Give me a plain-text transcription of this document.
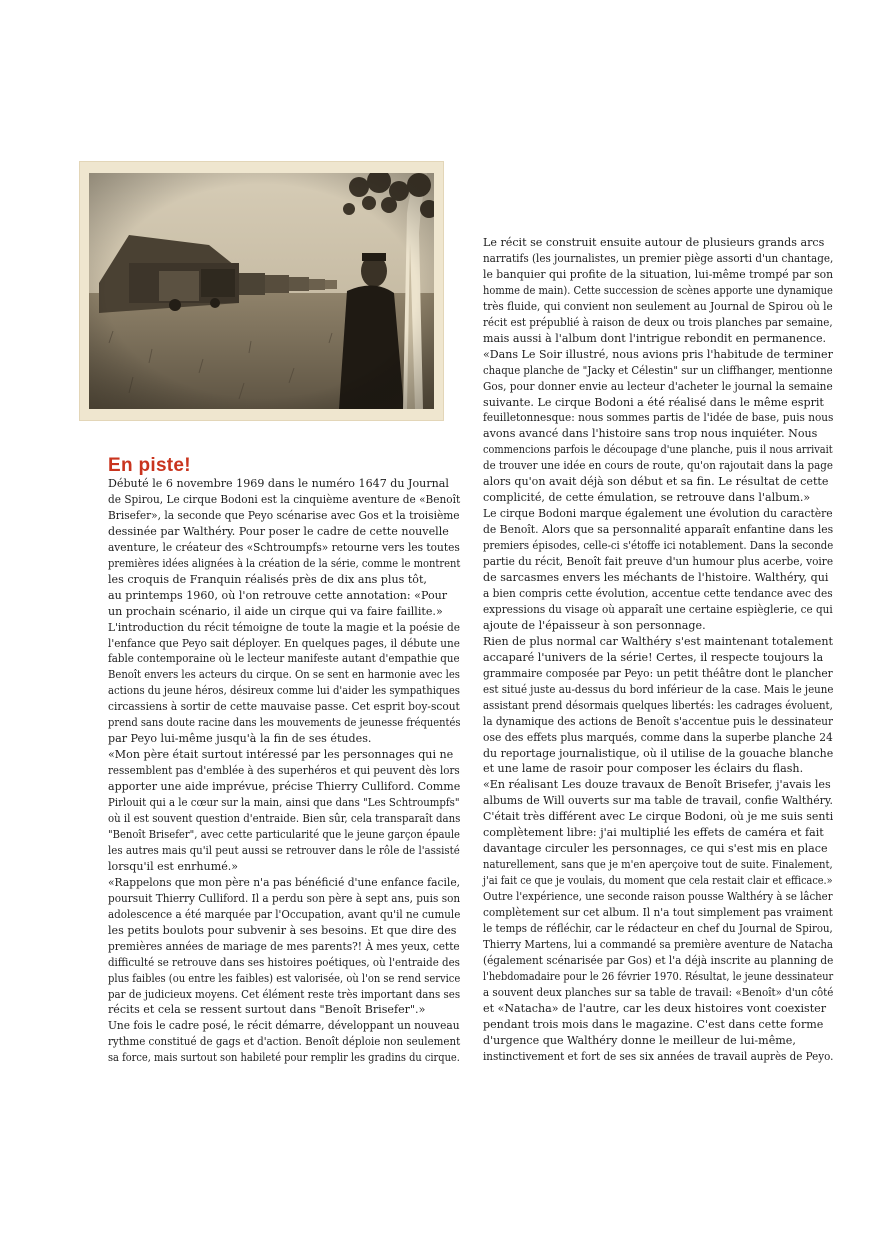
En piste!

Débuté le 6 novembre 1969 dans le numéro 1647 du Journal

de Spirou, Le cirque Bodoni est la cinquième aventure de «Benoît

Brisefer», la seconde que Peyo scénarise avec Gos et la troisième

dessinée par Walthéry. Pour poser le cadre de cette nouvelle

aventure, le créateur des «Schtroumpfs» retourne vers les toutes

premières idées alignées à la création de la série, comme le montrent

les croquis de Franquin réalisés près de dix ans plus tôt,

au printemps 1960, où l'on retrouve cette annotation: «Pour

un prochain scénario, il aide un cirque qui va faire faillite.»

L'introduction du récit témoigne de toute la magie et la poésie de

l'enfance que Peyo sait déployer. En quelques pages, il débute une

fable contemporaine où le lecteur manifeste autant d'empathie que

Benoît envers les acteurs du cirque. On se sent en harmonie avec les

actions du jeune héros, désireux comme lui d'aider les sympathiques

circassiens à sortir de cette mauvaise passe. Cet esprit boy-scout

prend sans doute racine dans les mouvements de jeunesse fréquentés

par Peyo lui-même jusqu'à la fin de ses études.

«Mon père était surtout intéressé par les personnages qui ne

ressemblent pas d'emblée à des superhéros et qui peuvent dès lors

apporter une aide imprévue, précise Thierry Culliford. Comme

Pirlouit qui a le cœur sur la main, ainsi que dans "Les Schtroumpfs"

où il est souvent question d'entraide. Bien sûr, cela transparaît dans

"Benoît Brisefer", avec cette particularité que le jeune garçon épaule

les autres mais qu'il peut aussi se retrouver dans le rôle de l'assisté

lorsqu'il est enrhumé.»

«Rappelons que mon père n'a pas bénéficié d'une enfance facile,

poursuit Thierry Culliford. Il a perdu son père à sept ans, puis son

adolescence a été marquée par l'Occupation, avant qu'il ne cumule

les petits boulots pour subvenir à ses besoins. Et que dire des

premières années de mariage de mes parents?! À mes yeux, cette

difficulté se retrouve dans ses histoires poétiques, où l'entraide des

plus faibles (ou entre les faibles) est valorisée, où l'on se rend service

par de judicieux moyens. Cet élément reste très important dans ses

récits et cela se ressent surtout dans "Benoît Brisefer".»

Une fois le cadre posé, le récit démarre, développant un nouveau

rythme constitué de gags et d'action. Benoît déploie non seulement

sa force, mais surtout son habileté pour remplir les gradins du cirque.

Le récit se construit ensuite autour de plusieurs grands arcs

narratifs (les journalistes, un premier piège assorti d'un chantage,

le banquier qui profite de la situation, lui-même trompé par son

homme de main). Cette succession de scènes apporte une dynamique

très fluide, qui convient non seulement au Journal de Spirou où le

récit est prépublié à raison de deux ou trois planches par semaine,

mais aussi à l'album dont l'intrigue rebondit en permanence.

«Dans Le Soir illustré, nous avions pris l'habitude de terminer

chaque planche de "Jacky et Célestin" sur un cliffhanger, mentionne

Gos, pour donner envie au lecteur d'acheter le journal la semaine

suivante. Le cirque Bodoni a été réalisé dans le même esprit

feuilletonnesque: nous sommes partis de l'idée de base, puis nous

avons avancé dans l'histoire sans trop nous inquiéter. Nous

commencions parfois le découpage d'une planche, puis il nous arrivait

de trouver une idée en cours de route, qu'on rajoutait dans la page

alors qu'on avait déjà son début et sa fin. Le résultat de cette

complicité, de cette émulation, se retrouve dans l'album.»

Le cirque Bodoni marque également une évolution du caractère

de Benoît. Alors que sa personnalité apparaît enfantine dans les

premiers épisodes, celle-ci s'étoffe ici notablement. Dans la seconde

partie du récit, Benoît fait preuve d'un humour plus acerbe, voire

de sarcasmes envers les méchants de l'histoire. Walthéry, qui

a bien compris cette évolution, accentue cette tendance avec des

expressions du visage où apparaît une certaine espièglerie, ce qui

ajoute de l'épaisseur à son personnage.

Rien de plus normal car Walthéry s'est maintenant totalement

accaparé l'univers de la série! Certes, il respecte toujours la

grammaire composée par Peyo: un petit théâtre dont le plancher

est situé juste au-dessus du bord inférieur de la case. Mais le jeune

assistant prend désormais quelques libertés: les cadrages évoluent,

la dynamique des actions de Benoît s'accentue puis le dessinateur

ose des effets plus marqués, comme dans la superbe planche 24

du reportage journalistique, où il utilise de la gouache blanche

et une lame de rasoir pour composer les éclairs du flash.

«En réalisant Les douze travaux de Benoît Brisefer, j'avais les

albums de Will ouverts sur ma table de travail, confie Walthéry.

C'était très différent avec Le cirque Bodoni, où je me suis senti

complètement libre: j'ai multiplié les effets de caméra et fait

davantage circuler les personnages, ce qui s'est mis en place

naturellement, sans que je m'en aperçoive tout de suite. Finalement,

j'ai fait ce que je voulais, du moment que cela restait clair et efficace.»

Outre l'expérience, une seconde raison pousse Walthéry à se lâcher

complètement sur cet album. Il n'a tout simplement pas vraiment

le temps de réfléchir, car le rédacteur en chef du Journal de Spirou,

Thierry Martens, lui a commandé sa première aventure de Natacha

(également scénarisée par Gos) et l'a déjà inscrite au planning de

l'hebdomadaire pour le 26 février 1970. Résultat, le jeune dessinateur

a souvent deux planches sur sa table de travail: «Benoît» d'un côté

et «Natacha» de l'autre, car les deux histoires vont coexister

pendant trois mois dans le magazine. C'est dans cette forme

d'urgence que Walthéry donne le meilleur de lui-même,

instinctivement et fort de ses six années de travail auprès de Peyo.
